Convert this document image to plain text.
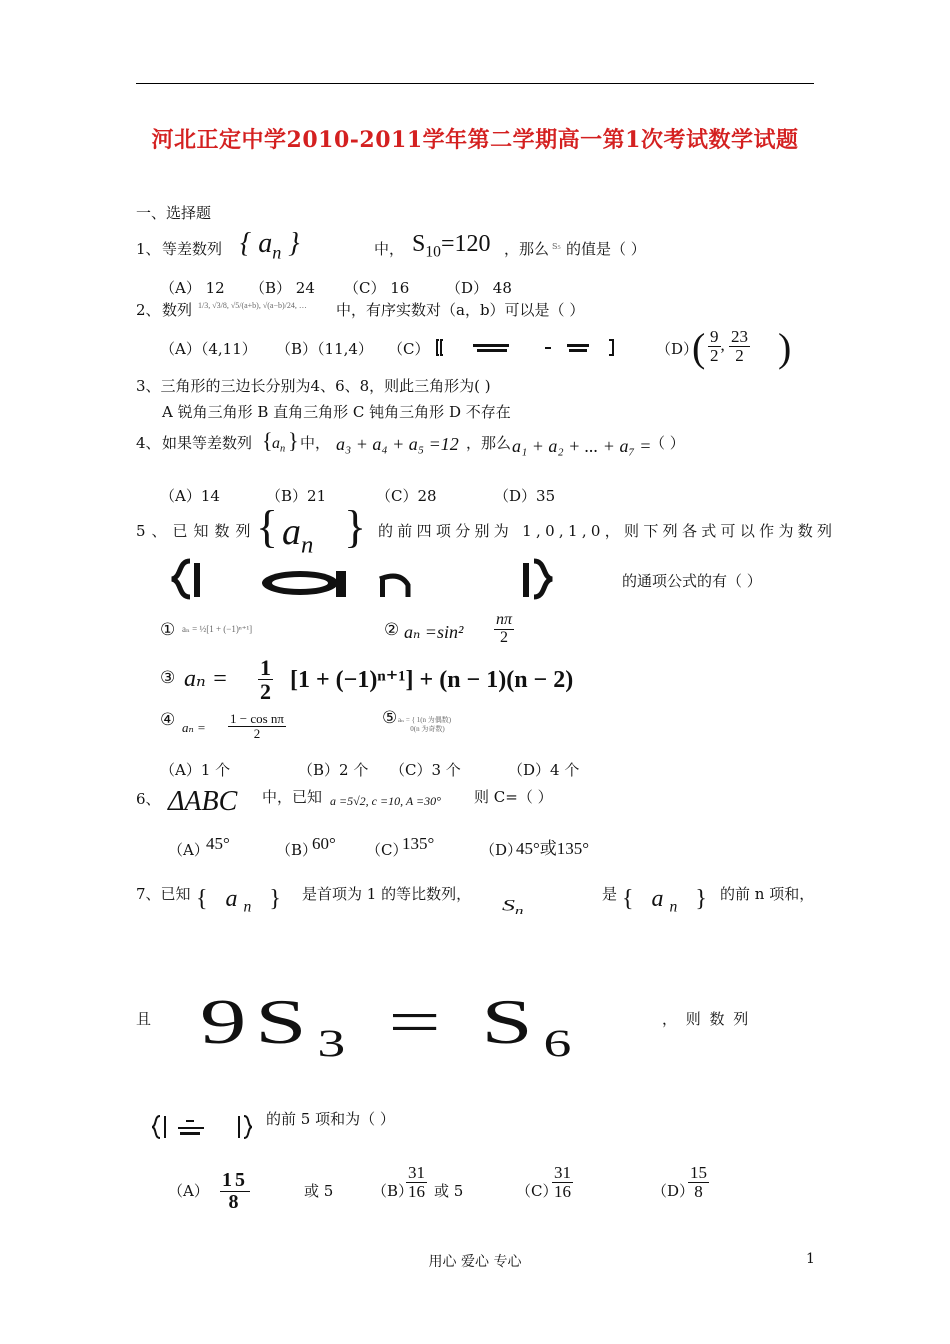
河北正定中学2010-2011学年第二学期高一第1次考试数学试题
一、选择题
1、 等差数列 { $a_n$ }	中， $S_{10}=120$ ，那么 S₅ 的值是（ ）
（A） 12 （B） 24 （C） 16 （D） 48
2、 数列 1/3, √3/8, √5/(a+b), √(a−b)/24, … 中，有序实数对（a，b）可以是（ ）
（A）（4,11） （B）（11,4） （C）	（D）
( $\frac{9}{2}$ , $\frac{23}{2}$ )
3、三角形的三边长分别为4、6、8，则此三角形为( )
A 锐角三角形 B 直角三角形 C 钝角三角形 D 不存在
4、 如果等差数列 { $a_n$ } 中， a₃ + a₄ + a₅ =12 ，那么 a₁ + a₂ + ... + a₇ =
（ ）
（A）14	（B）21	（C）28	（D）35
5、已知数列 { $a_n$ } 的前四项分别为 1,0,1,0，则下列各式可以作为数列
的通项公式的有（ ）
① aₙ = ½[1 + (−1)ⁿ⁺¹]	② $a_n =\sin^2 \frac{n\pi}{2}$
③ $a_n = \frac{1}{2} [1 + (-1)^{n+1}] + (n - 1)(n - 2)$
④ $a_n = \frac{\text{1 − cos nπ}}{2}$	⑤ aₙ = { 1(n 为偶数)
0(n 为奇数)
（A）1 个	（B）2 个 （C）3 个	（D）4 个
6、 ΔABC 中，已知 a =5√2, c =10, A =30° 则 C=（ ）
（A）
45°	（B）
60° （C）
135°	（D）
45°或135°
7、已知 { $a_n$ } 是首项为 1 的等比数列，
$S_n$
是 { $a_n$ } 的前 n 项和，
且 9S₃ = S₆	， 则 数 列
的前 5 项和为（ ）
$(A) \frac{15}{8}$	或 5	（B）
$\frac{31}{16}$ 或 5	（C）
$\frac{31}{16}$	（D）
$\frac{15}{8}$
用心 爱心 专心	1
